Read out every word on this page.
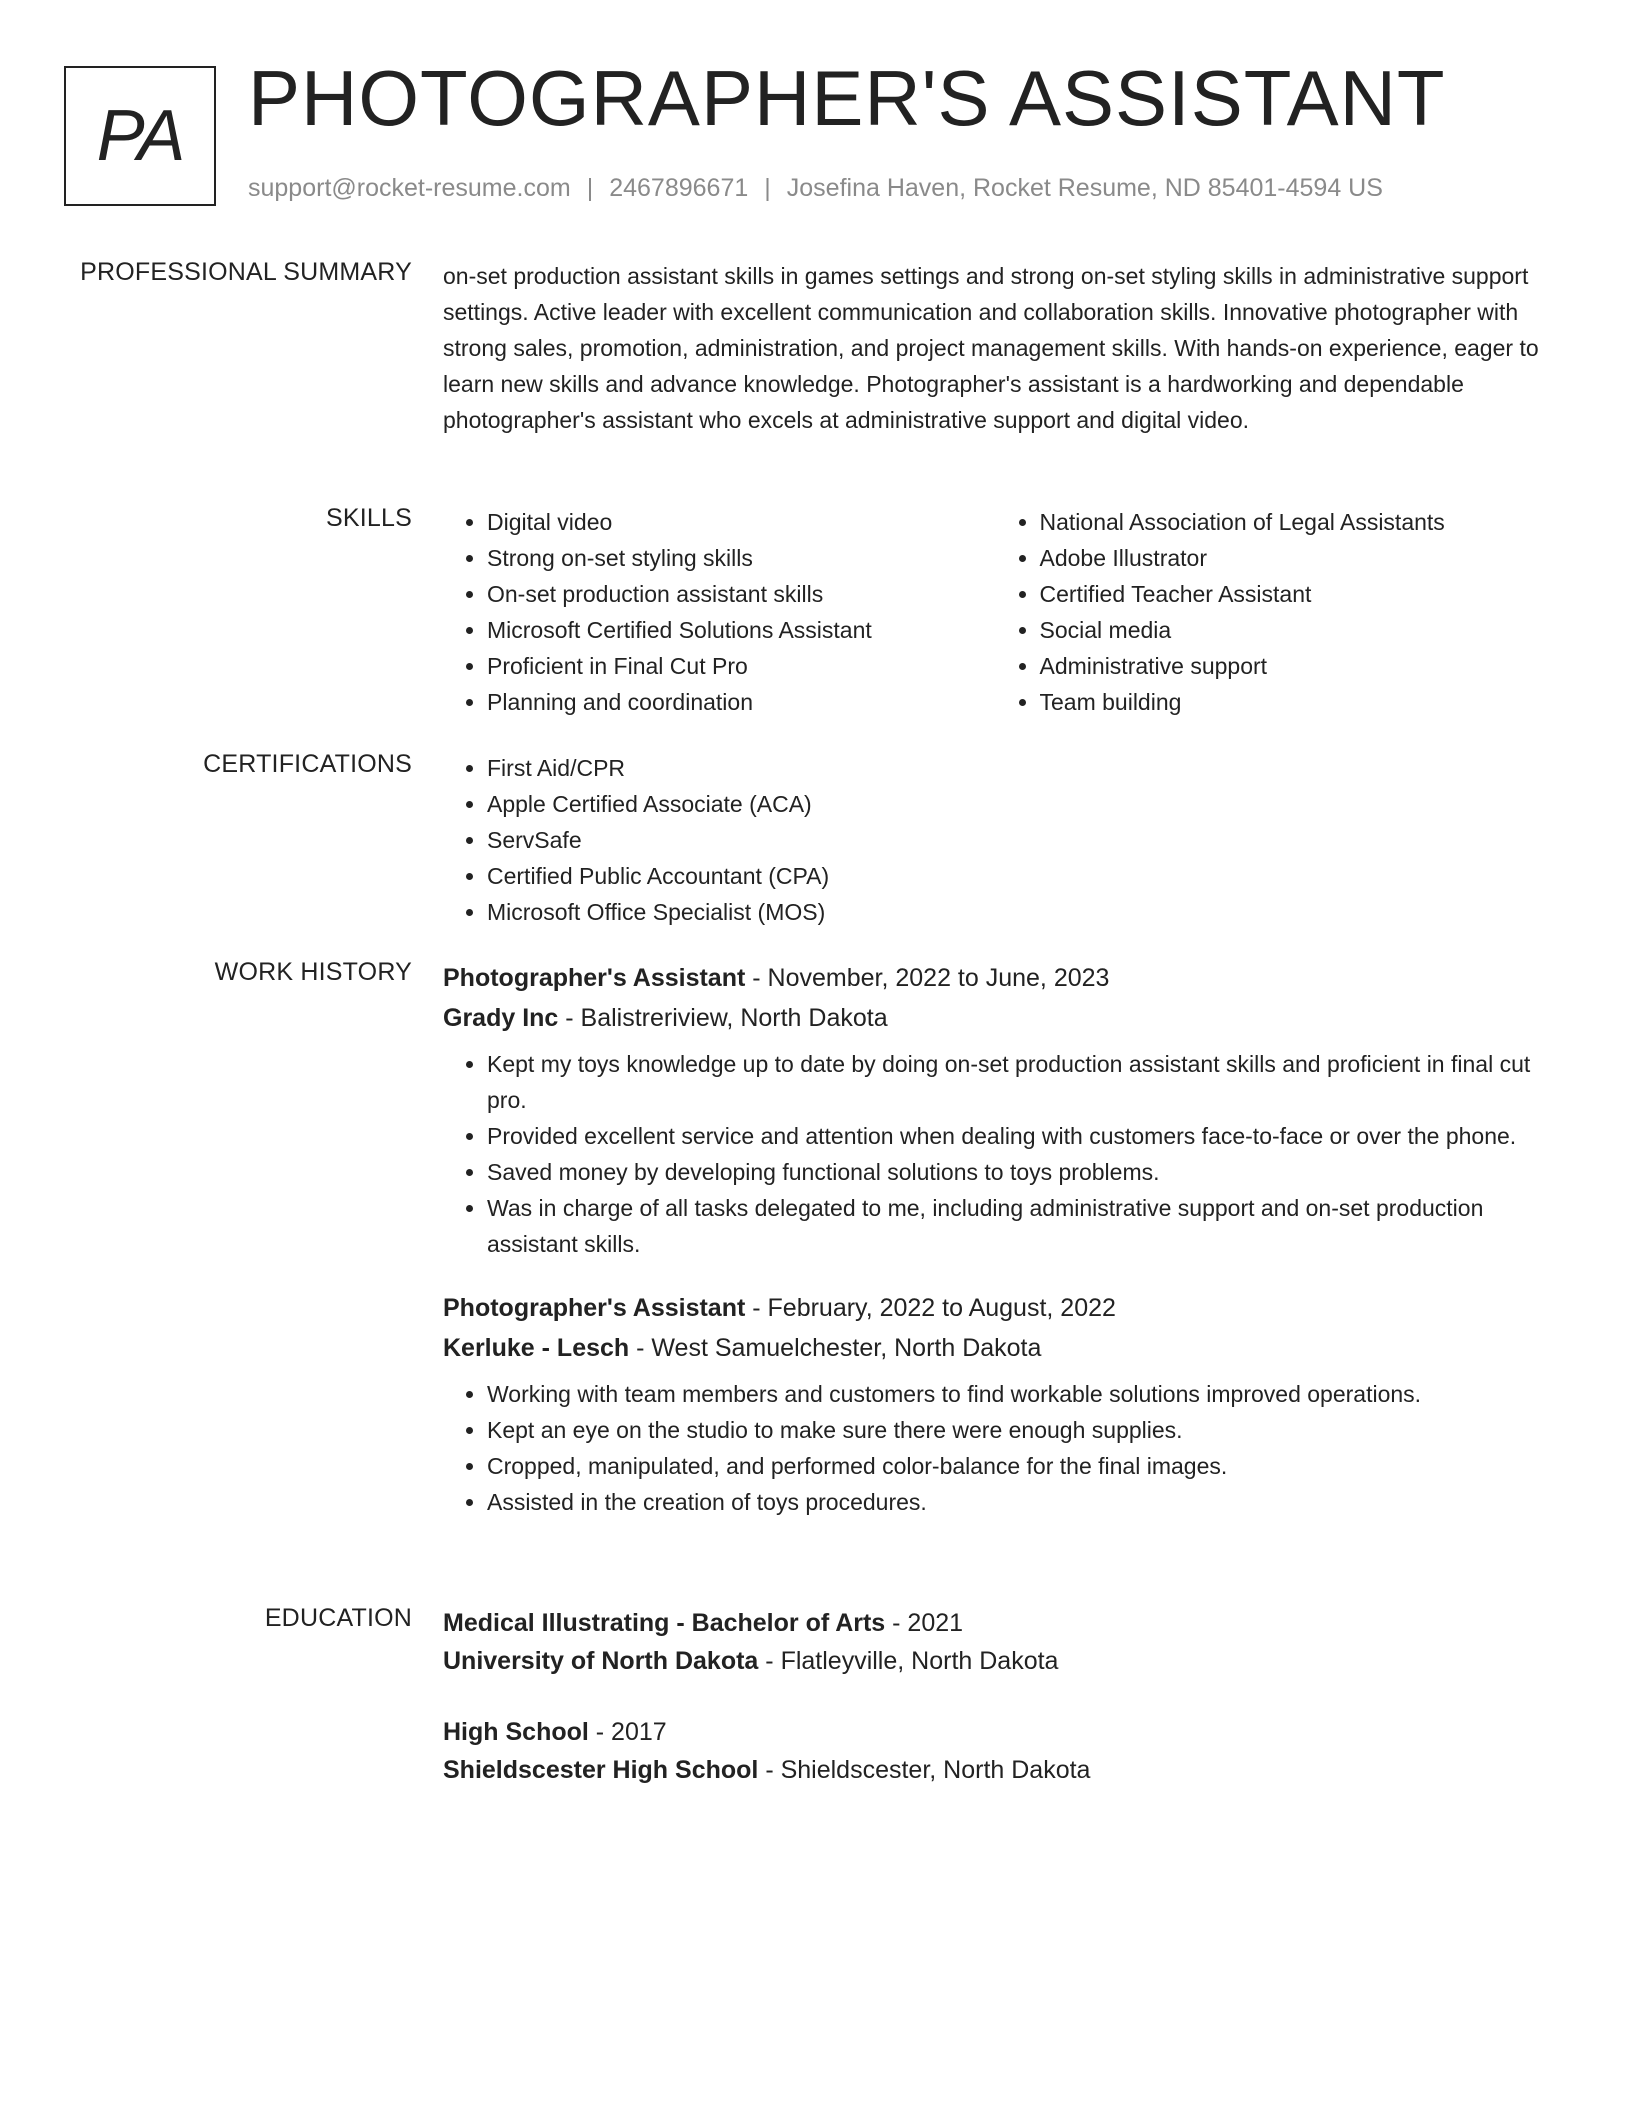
PA PHOTOGRAPHER'S ASSISTANT
support@rocket-resume.com | 2467896671 | Josefina Haven, Rocket Resume, ND 85401-4594 US
PROFESSIONAL SUMMARY on-set production assistant skills in games settings and strong on-set styling skills in administrative support settings. Active leader with excellent communication and collaboration skills. Innovative photographer with strong sales, promotion, administration, and project management skills. With hands-on experience, eager to learn new skills and advance knowledge. Photographer's assistant is a hardworking and dependable photographer's assistant who excels at administrative support and digital video.

SKILLS	• Digital video
• Strong on-set styling skills
• On-set production assistant skills
• Microsoft Certified Solutions Assistant
• Proficient in Final Cut Pro
• Planning and coordination
• National Association of Legal Assistants
• Adobe Illustrator
• Certified Teacher Assistant
• Social media
• Administrative support
• Team building
CERTIFICATIONS	• First Aid/CPR
• Apple Certified Associate (ACA)
• ServSafe
• Certified Public Accountant (CPA)
• Microsoft Office Specialist (MOS)
WORK HISTORY Photographer's Assistant - November, 2022 to June, 2023
Grady Inc - Balistreriview, North Dakota
• Kept my toys knowledge up to date by doing on-set production assistant skills and proficient in final cut pro.
• Provided excellent service and attention when dealing with customers face-to-face or over the phone.
• Saved money by developing functional solutions to toys problems.
• Was in charge of all tasks delegated to me, including administrative support and on-set production assistant skills.
Photographer's Assistant - February, 2022 to August, 2022
Kerluke - Lesch - West Samuelchester, North Dakota
• Working with team members and customers to find workable solutions improved operations.
• Kept an eye on the studio to make sure there were enough supplies.
• Cropped, manipulated, and performed color-balance for the final images.
• Assisted in the creation of toys procedures.
EDUCATION Medical Illustrating - Bachelor of Arts - 2021
University of North Dakota - Flatleyville, North Dakota
High School - 2017
Shieldscester High School - Shieldscester, North Dakota
